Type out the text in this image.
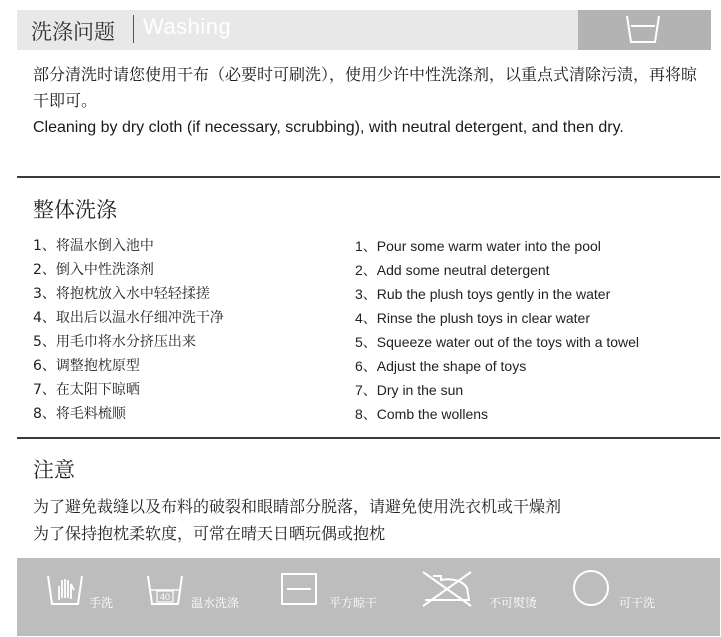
洗涤问题 Washing
部分清洗时请您使用干布（必要时可刷洗），使用少许中性洗涤剂，以重点式清除污渍，再将晾干即可。
Cleaning by dry cloth (if necessary, scrubbing), with neutral detergent, and then dry.
整体洗涤
1、将温水倒入池中
2、倒入中性洗涤剂
3、将抱枕放入水中轻轻揉搓
4、取出后以温水仔细冲洗干净
5、用毛巾将水分挤压出来
6、调整抱枕原型
7、在太阳下晾晒
8、将毛料梳顺
1、Pour some warm water into the pool
2、Add some neutral detergent
3、Rub the plush toys gently in the water
4、Rinse the plush toys in clear water
5、Squeeze water out of the toys with a towel
6、Adjust the shape of toys
7、Dry in the sun
8、Comb the wollens
注意
为了避免裁缝以及布料的破裂和眼睛部分脱落，请避免使用洗衣机或干燥剂
为了保持抱枕柔软度，可常在晴天日晒玩偶或抱枕
手洗	40 温水洗涤	平方晾干	不可熨烫	可干洗
